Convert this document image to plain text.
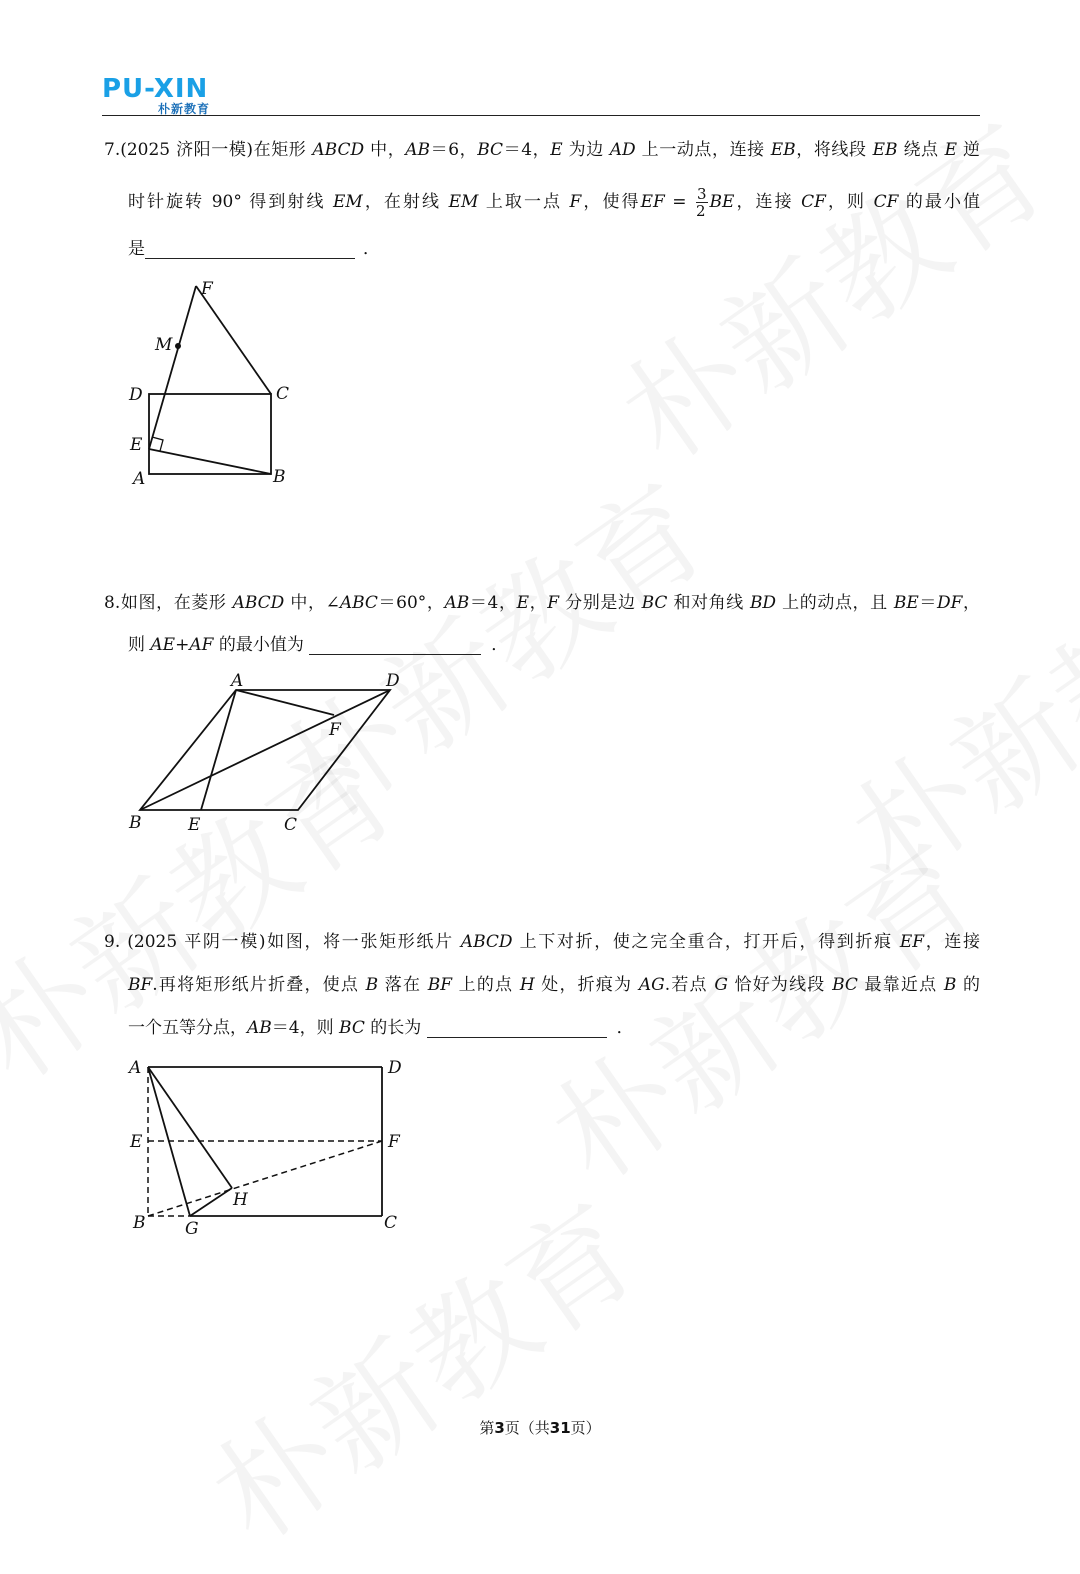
PU-XIN
朴新教育
7.(2025 济阳一模)在矩形 ABCD 中，AB＝6，BC＝4，E 为边 AD 上一动点，连接 EB，将线段 EB 绕点 E 逆
时针旋转 90° 得到射线 EM，在射线 EM 上取一点 F，使得EF = $\frac{3}{2}$ BE，连接 CF，则 CF 的最小值
是	．
F
M
D	C
E
A	B
8.如图，在菱形 ABCD 中，∠ABC＝60°，AB＝4，E，F 分别是边 BC 和对角线 BD 上的动点，且 BE＝DF，
则 AE+AF 的最小值为	．
A	D
F
B	E	C
9. (2025 平阴一模)如图，将一张矩形纸片 ABCD 上下对折，使之完全重合，打开后，得到折痕 EF，连接
BF.再将矩形纸片折叠，使点 B 落在 BF 上的点 H 处，折痕为 AG.若点 G 恰好为线段 BC 最靠近点 B 的
一个五等分点，AB＝4，则 BC 的长为	．
A	D
E	F
H
B G	C
第3页（共31页）
